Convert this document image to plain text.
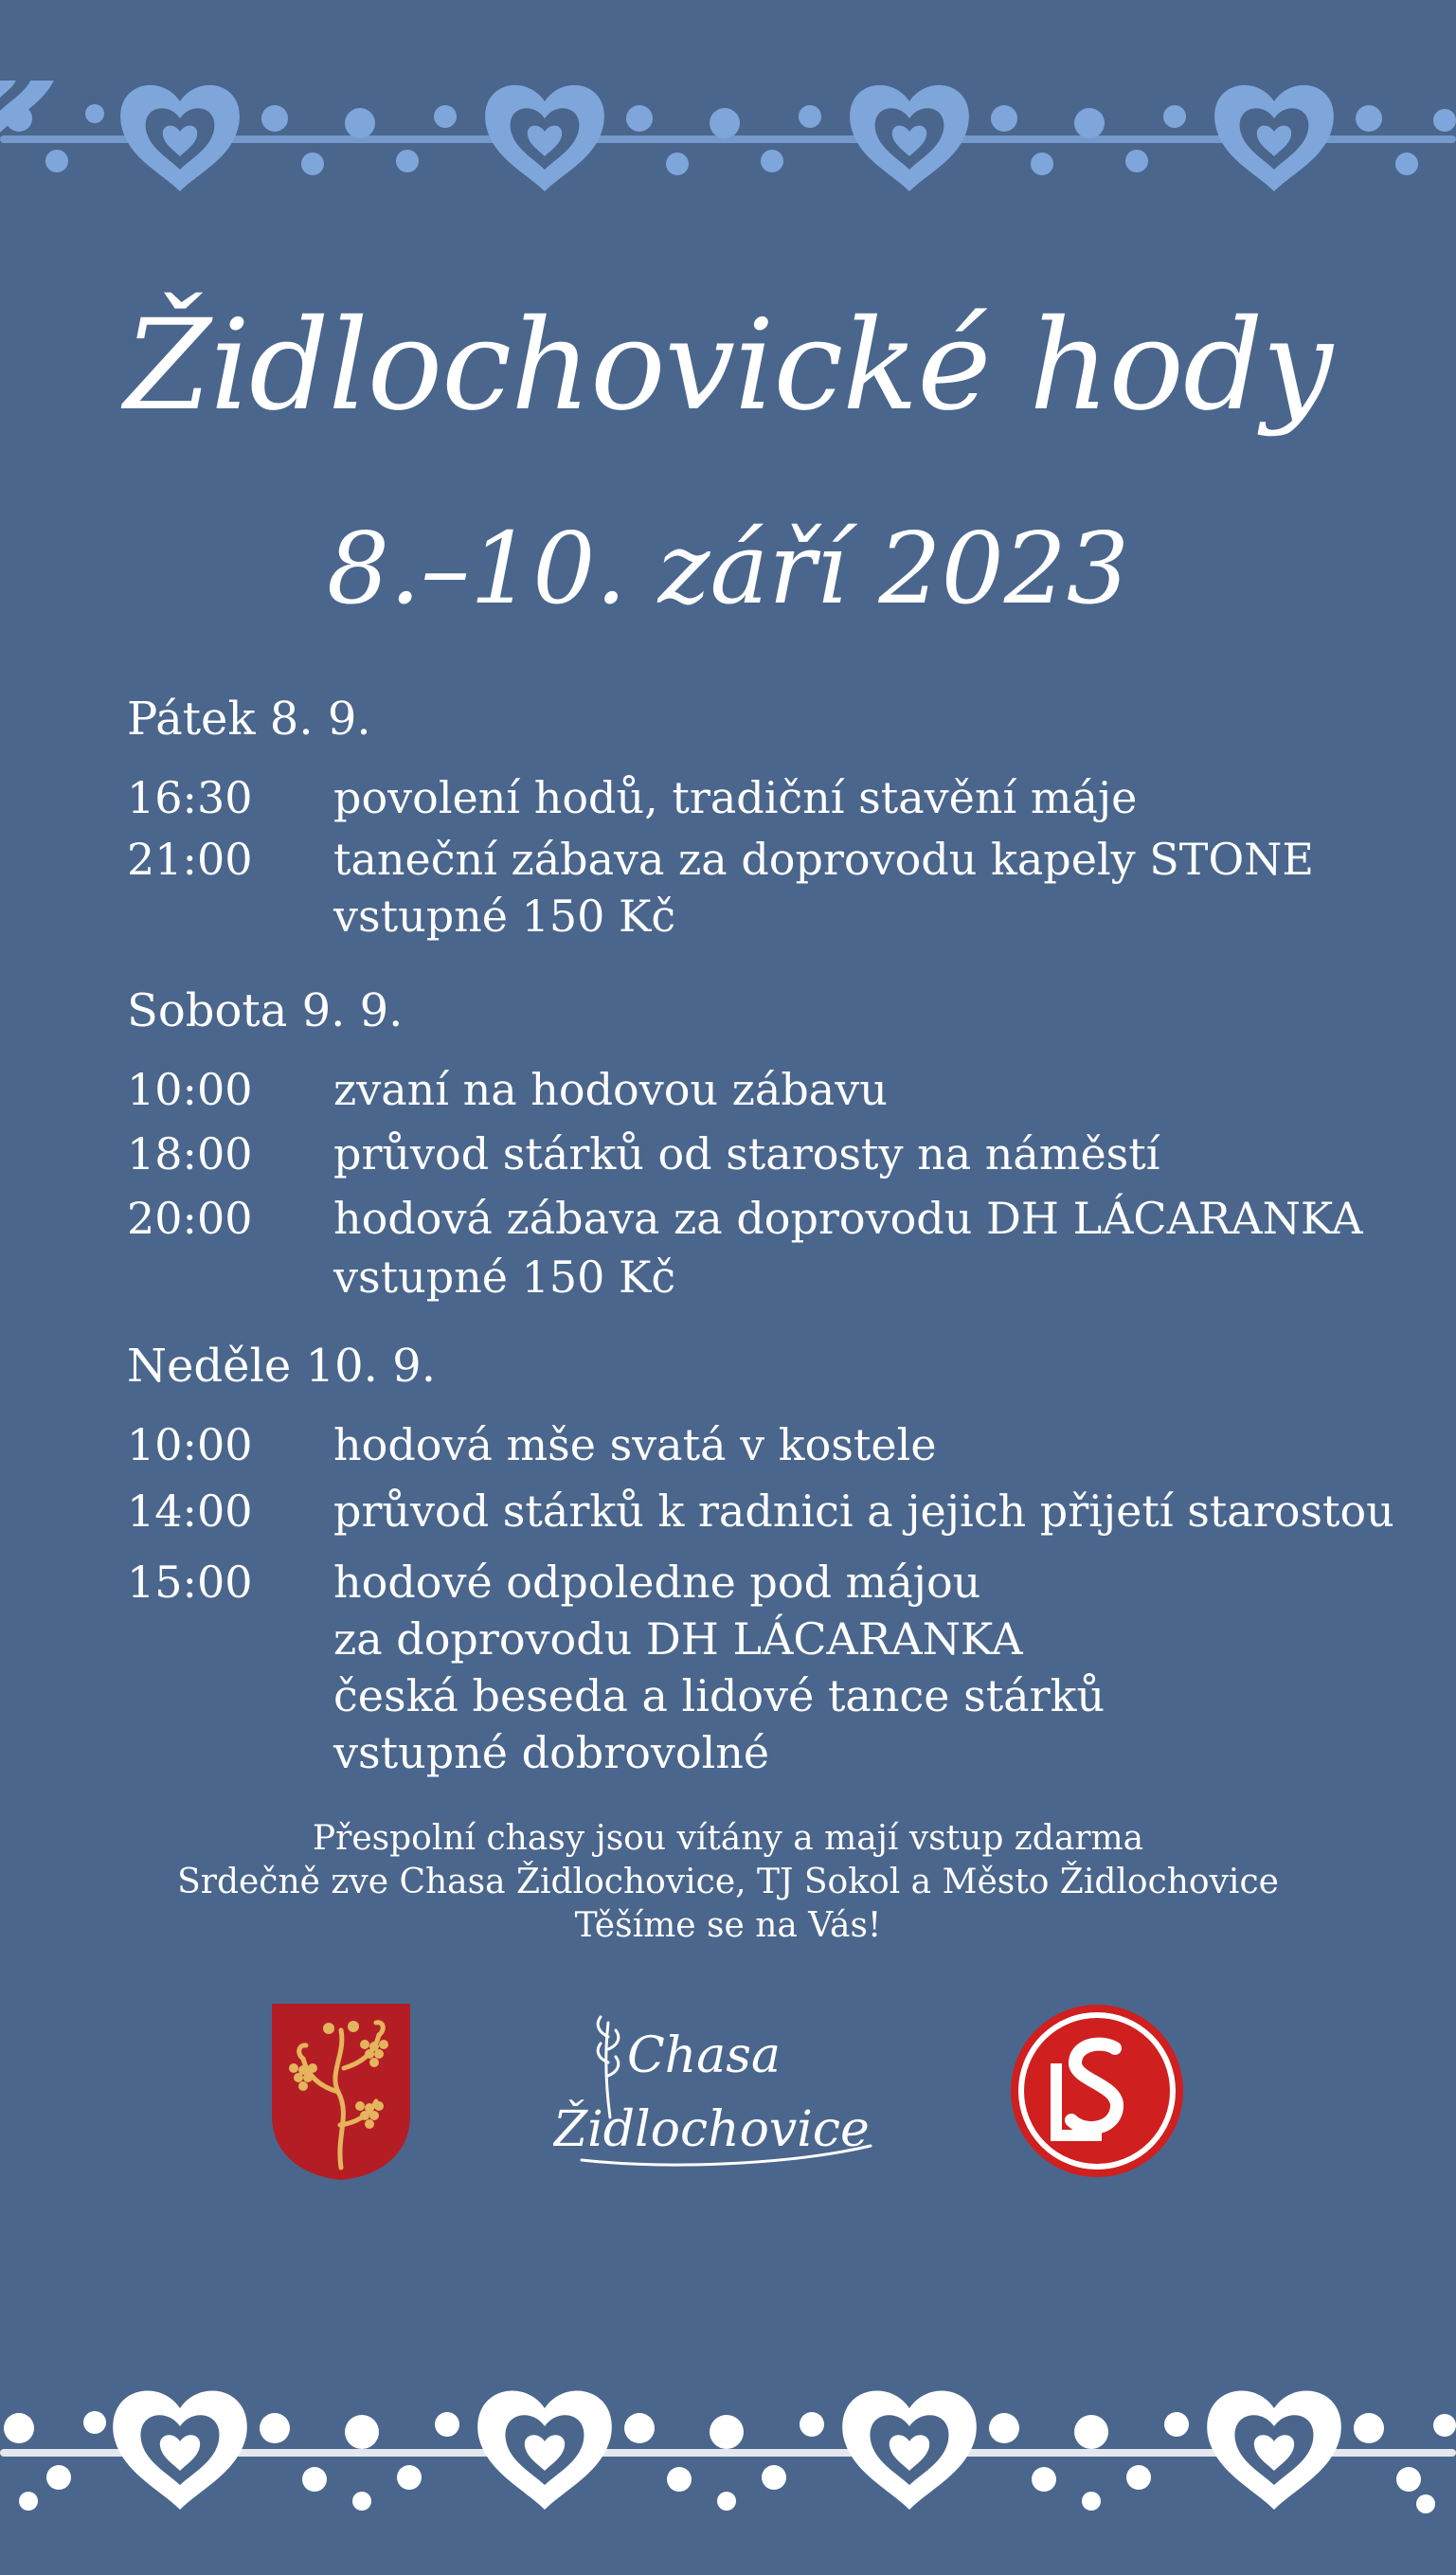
Židlochovické hody
8.–10. září 2023
Pátek 8. 9.
16:30	povolení hodů, tradiční stavění máje
21:00	taneční zábava za doprovodu kapely STONE
vstupné 150 Kč
Sobota 9. 9.
10:00	zvaní na hodovou zábavu
18:00	průvod stárků od starosty na náměstí
20:00	hodová zábava za doprovodu DH LÁCARANKA
vstupné 150 Kč
Neděle 10. 9.
10:00	hodová mše svatá v kostele
14:00	průvod stárků k radnici a jejich přijetí starostou
15:00	hodové odpoledne pod májou
za doprovodu DH LÁCARANKA
česká beseda a lidové tance stárků
vstupné dobrovolné
Přespolní chasy jsou vítány a mají vstup zdarma
Srdečně zve Chasa Židlochovice, TJ Sokol a Město Židlochovice
Těšíme se na Vás!
Chasa
Židlochovice
SL
